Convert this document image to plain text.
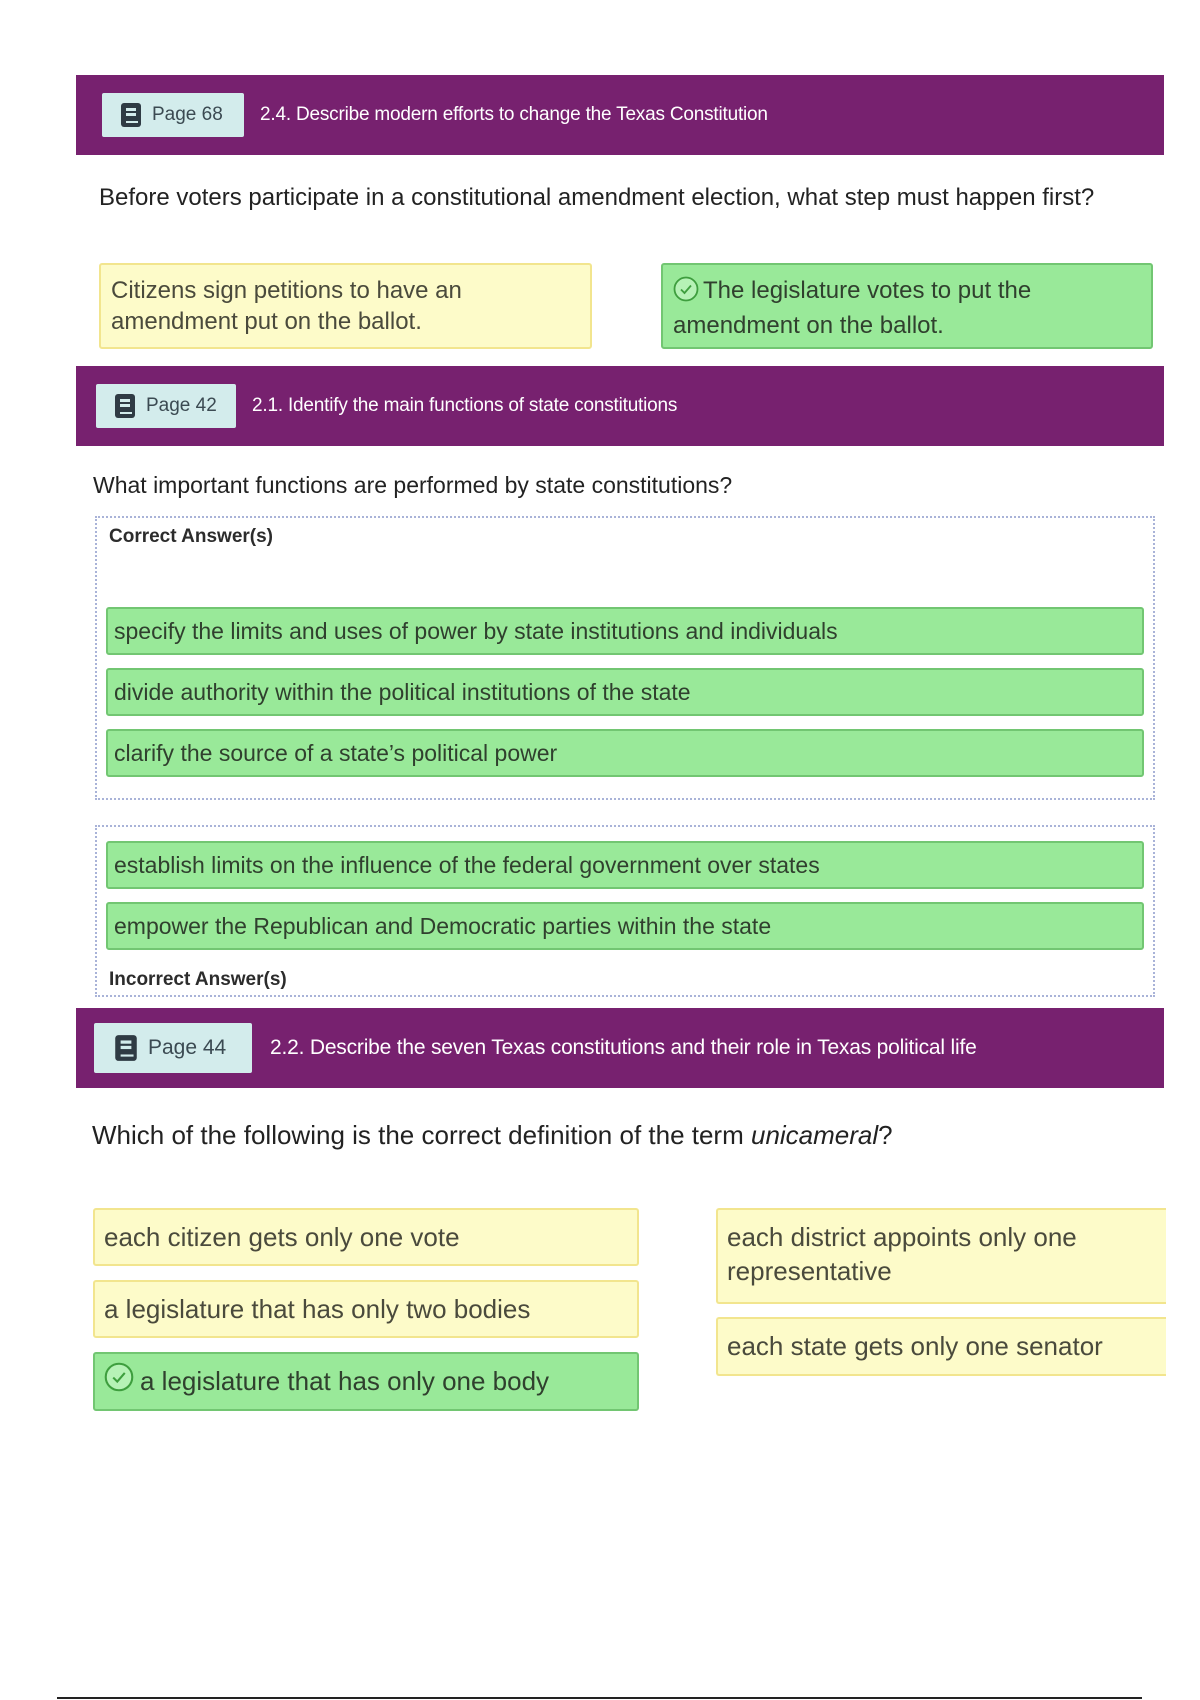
Page 68 2.4. Describe modern efforts to change the Texas Constitution
Before voters participate in a constitutional amendment election, what step must happen first?
Citizens sign petitions to have an amendment put on the ballot.
The legislature votes to put the amendment on the ballot.
Page 42 2.1. Identify the main functions of state constitutions
What important functions are performed by state constitutions?
Correct Answer(s)
specify the limits and uses of power by state institutions and individuals
divide authority within the political institutions of the state
clarify the source of a state’s political power
establish limits on the influence of the federal government over states
empower the Republican and Democratic parties within the state
Incorrect Answer(s)
Page 44 2.2. Describe the seven Texas constitutions and their role in Texas political life
Which of the following is the correct definition of the term unicameral?
each citizen gets only one vote
a legislature that has only two bodies
a legislature that has only one body
each district appoints only one representative
each state gets only one senator
